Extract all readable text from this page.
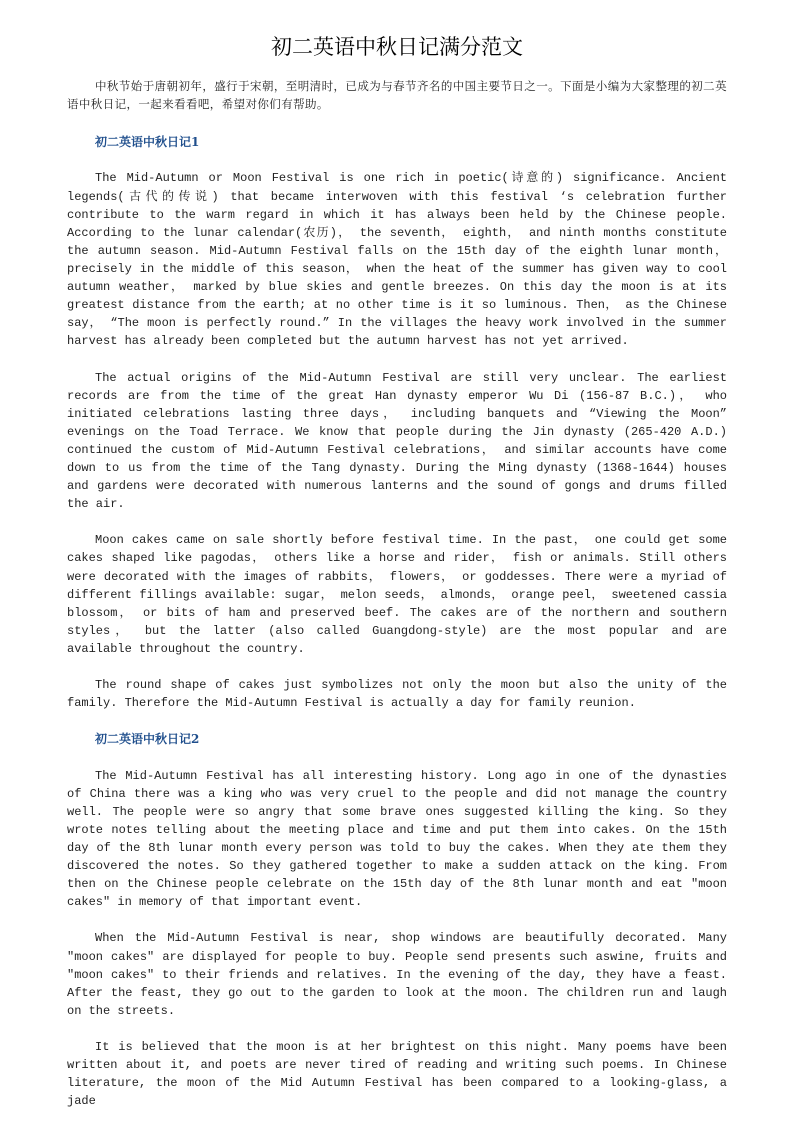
初二英语中秋日记满分范文

中秋节始于唐朝初年，盛行于宋朝，至明清时，已成为与春节齐名的中国主要节日之一。下面是小编为大家整理的初二英语中秋日记，一起来看看吧，希望对你们有帮助。

初二英语中秋日记1

The Mid-Autumn or Moon Festival is one rich in poetic(诗意的) significance. Ancient legends(古代的传说) that became interwoven with this festival ‘s celebration further contribute to the warm regard in which it has always been held by the Chinese people. According to the lunar calendar(农历)， the seventh， eighth， and ninth months constitute the autumn season. Mid-Autumn Festival falls on the 15th day of the eighth lunar month， precisely in the middle of this season， when the heat of the summer has given way to cool autumn weather， marked by blue skies and gentle breezes. On this day the moon is at its greatest distance from the earth; at no other time is it so luminous. Then， as the Chinese say， “The moon is perfectly round.” In the villages the heavy work involved in the summer harvest has already been completed but the autumn harvest has not yet arrived.

The actual origins of the Mid-Autumn Festival are still very unclear. The earliest records are from the time of the great Han dynasty emperor Wu Di (156-87 B.C.)， who initiated celebrations lasting three days， including banquets and “Viewing the Moon” evenings on the Toad Terrace. We know that people during the Jin dynasty (265-420 A.D.) continued the custom of Mid-Autumn Festival celebrations， and similar accounts have come down to us from the time of the Tang dynasty. During the Ming dynasty (1368-1644) houses and gardens were decorated with numerous lanterns and the sound of gongs and drums filled the air.

Moon cakes came on sale shortly before festival time. In the past， one could get some cakes shaped like pagodas， others like a horse and rider， fish or animals. Still others were decorated with the images of rabbits， flowers， or goddesses. There were a myriad of different fillings available: sugar， melon seeds， almonds， orange peel， sweetened cassia blossom， or bits of ham and preserved beef. The cakes are of the northern and southern styles， but the latter (also called Guangdong-style) are the most popular and are available throughout the country.

The round shape of cakes just symbolizes not only the moon but also the unity of the family. Therefore the Mid-Autumn Festival is actually a day for family reunion.

初二英语中秋日记2

The Mid-Autumn Festival has all interesting history. Long ago in one of the dynasties of China there was a king who was very cruel to the people and did not manage the country well. The people were so angry that some brave ones suggested killing the king. So they wrote notes telling about the meeting place and time and put them into cakes. On the 15th day of the 8th lunar month every person was told to buy the cakes. When they ate them they discovered the notes. So they gathered together to make a sudden attack on the king. From then on the Chinese people celebrate on the 15th day of the 8th lunar month and eat "moon cakes" in memory of that important event.

When the Mid-Autumn Festival is near, shop windows are beautifully decorated. Many "moon cakes" are displayed for people to buy. People send presents such aswine, fruits and "moon cakes" to their friends and relatives. In the evening of the day, they have a feast. After the feast, they go out to the garden to look at the moon. The children run and laugh on the streets.

It is believed that the moon is at her brightest on this night. Many poems have been written about it, and poets are never tired of reading and writing such poems. In Chinese literature, the moon of the Mid Autumn Festival has been compared to a looking-glass, a jade
